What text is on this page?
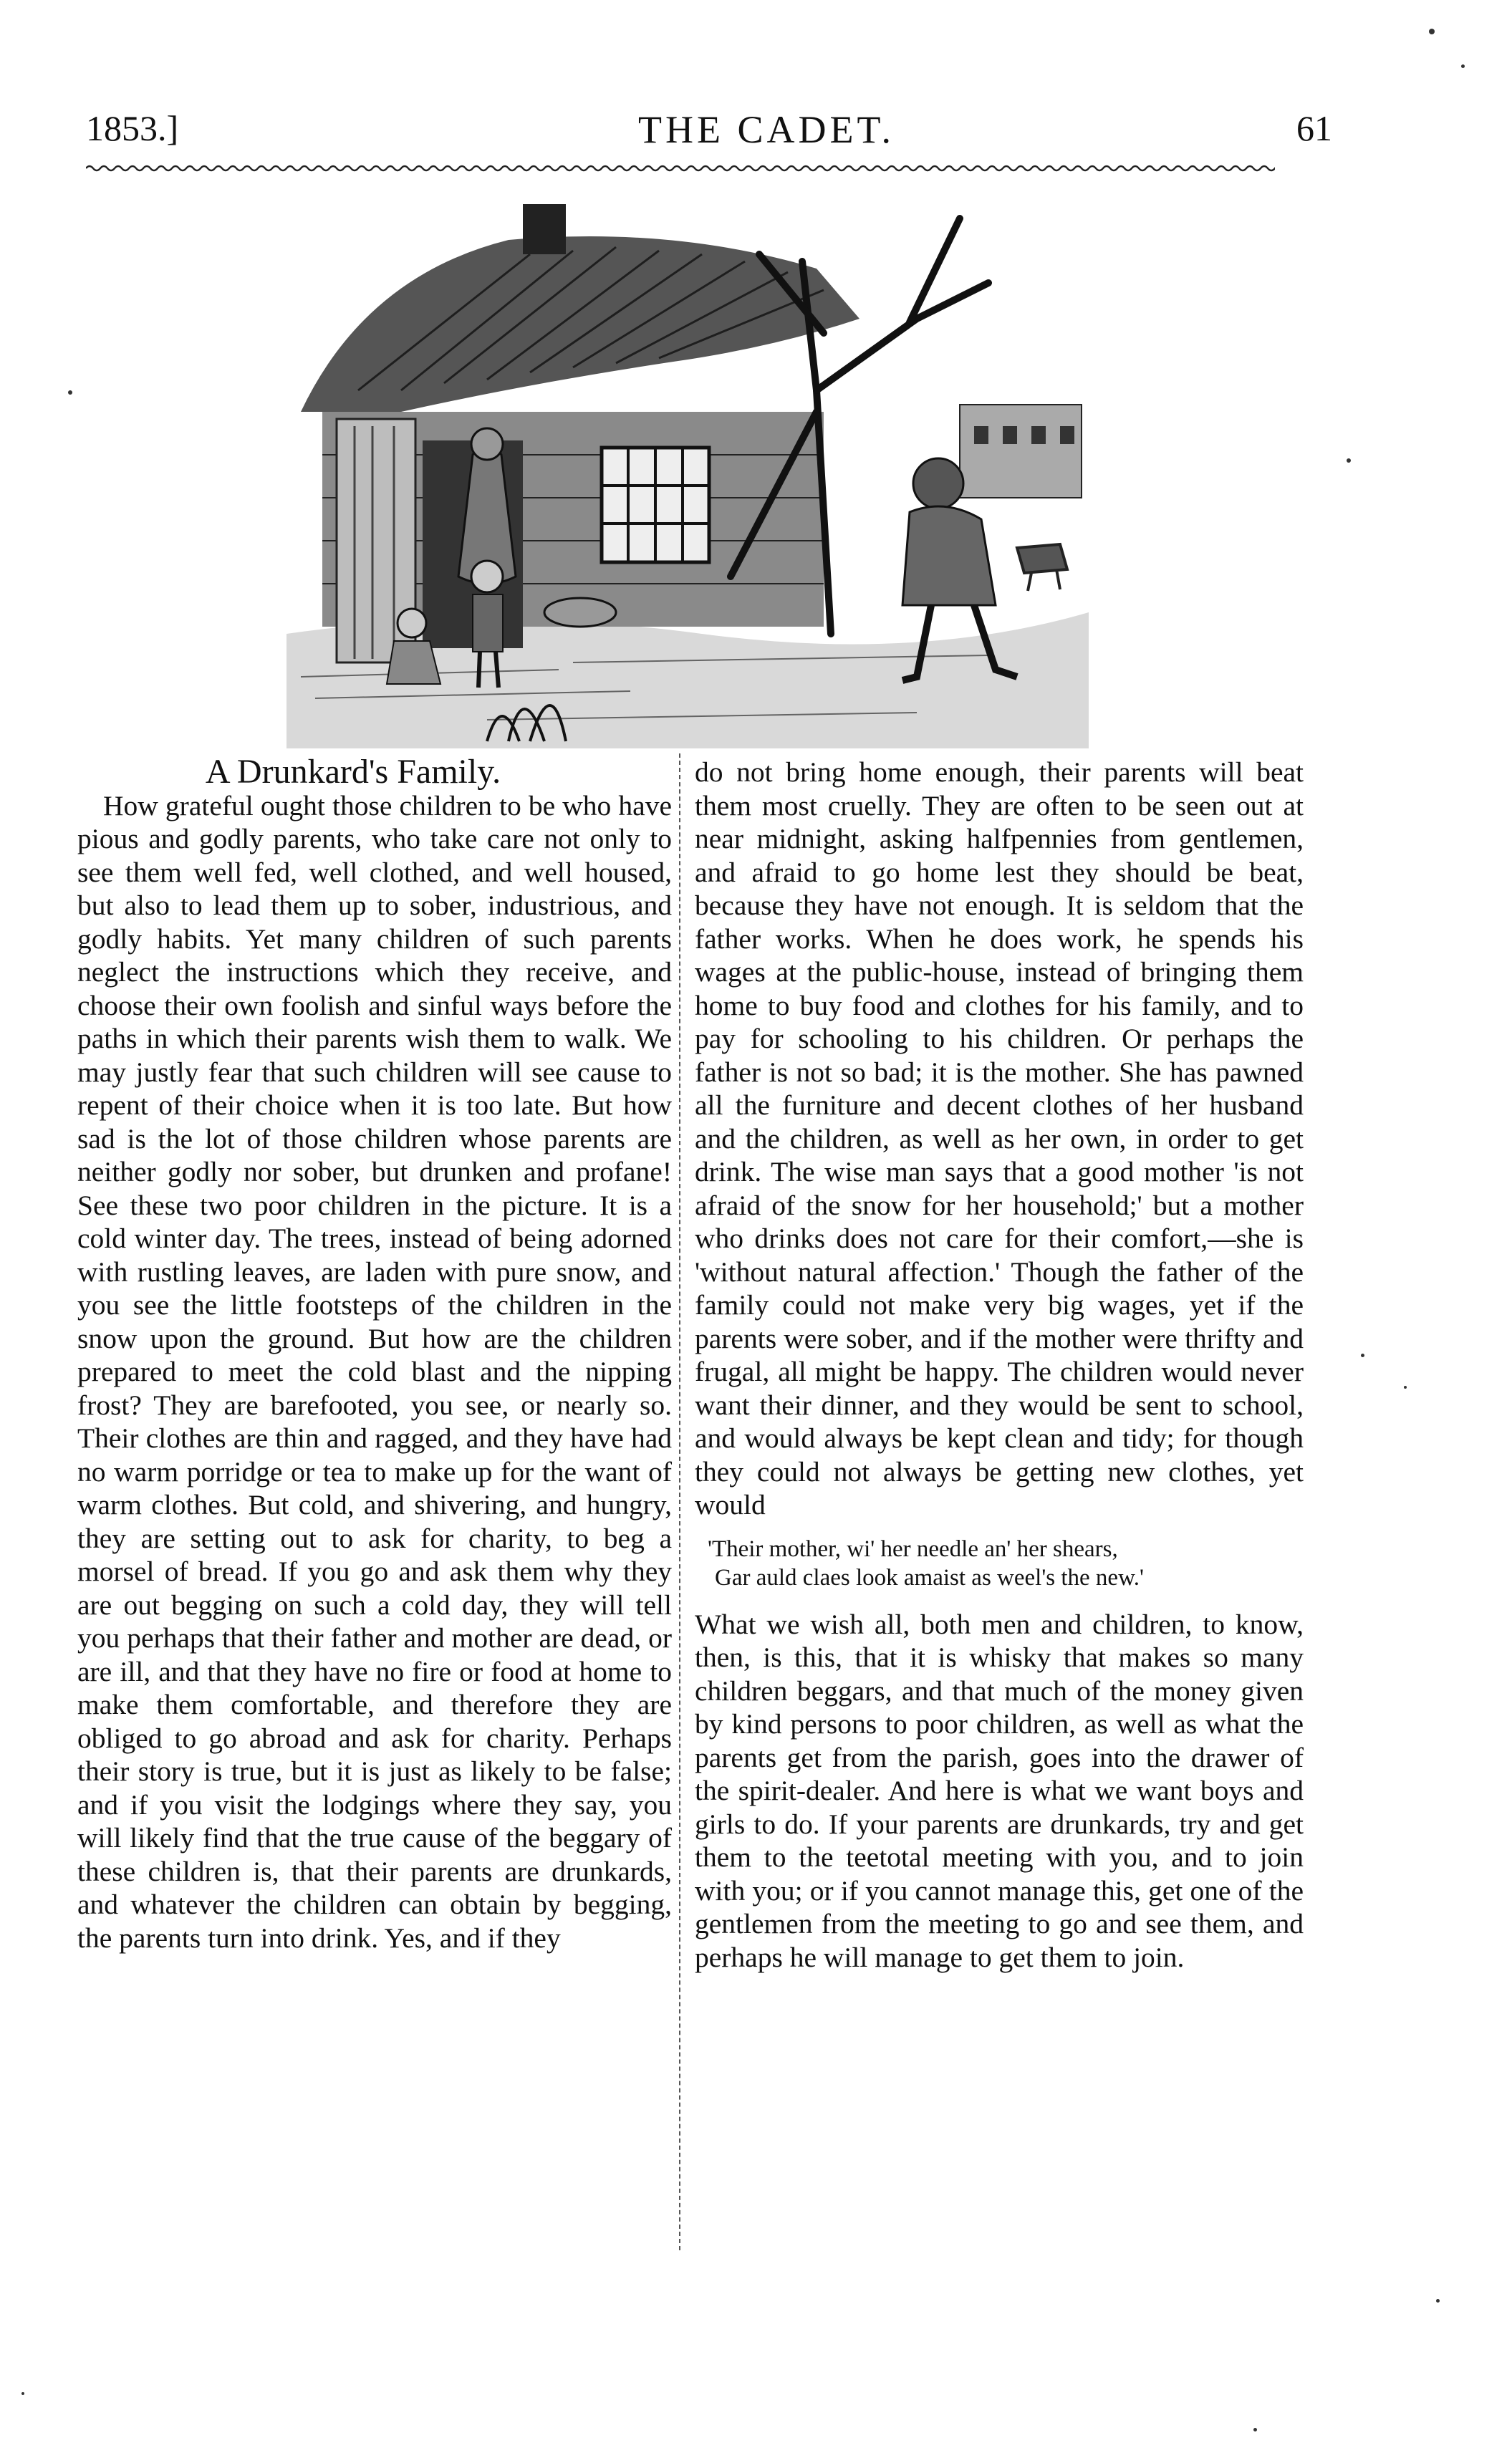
1853.]	THE CADET.	61

A Drunkard's Family.

How grateful ought those children to be who have pious and godly parents, who take care not only to see them well fed, well clothed, and well housed, but also to lead them up to sober, industrious, and godly habits. Yet many children of such parents neglect the instructions which they receive, and choose their own foolish and sinful ways before the paths in which their parents wish them to walk. We may justly fear that such children will see cause to repent of their choice when it is too late. But how sad is the lot of those children whose parents are neither godly nor sober, but drunken and profane! See these two poor children in the picture. It is a cold winter day. The trees, instead of being adorned with rustling leaves, are laden with pure snow, and you see the little footsteps of the children in the snow upon the ground. But how are the children prepared to meet the cold blast and the nipping frost? They are barefooted, you see, or nearly so. Their clothes are thin and ragged, and they have had no warm porridge or tea to make up for the want of warm clothes. But cold, and shivering, and hungry, they are setting out to ask for charity, to beg a morsel of bread. If you go and ask them why they are out begging on such a cold day, they will tell you perhaps that their father and mother are dead, or are ill, and that they have no fire or food at home to make them comfortable, and therefore they are obliged to go abroad and ask for charity. Perhaps their story is true, but it is just as likely to be false; and if you visit the lodgings where they say, you will likely find that the true cause of the beggary of these children is, that their parents are drunkards, and whatever the children can obtain by begging, the parents turn into drink. Yes, and if they

do not bring home enough, their parents will beat them most cruelly. They are often to be seen out at near midnight, asking halfpennies from gentlemen, and afraid to go home lest they should be beat, because they have not enough. It is seldom that the father works. When he does work, he spends his wages at the public-house, instead of bringing them home to buy food and clothes for his family, and to pay for schooling to his children. Or perhaps the father is not so bad; it is the mother. She has pawned all the furniture and decent clothes of her husband and the children, as well as her own, in order to get drink. The wise man says that a good mother 'is not afraid of the snow for her household;' but a mother who drinks does not care for their comfort,—she is 'without natural affection.' Though the father of the family could not make very big wages, yet if the parents were sober, and if the mother were thrifty and frugal, all might be happy. The children would never want their dinner, and they would be sent to school, and would always be kept clean and tidy; for though they could not always be getting new clothes, yet would

'Their mother, wi' her needle an' her shears,
Gar auld claes look amaist as weel's the new.'

What we wish all, both men and children, to know, then, is this, that it is whisky that makes so many children beggars, and that much of the money given by kind persons to poor children, as well as what the parents get from the parish, goes into the drawer of the spirit-dealer. And here is what we want boys and girls to do. If your parents are drunkards, try and get them to the teetotal meeting with you, and to join with you; or if you cannot manage this, get one of the gentlemen from the meeting to go and see them, and perhaps he will manage to get them to join.
